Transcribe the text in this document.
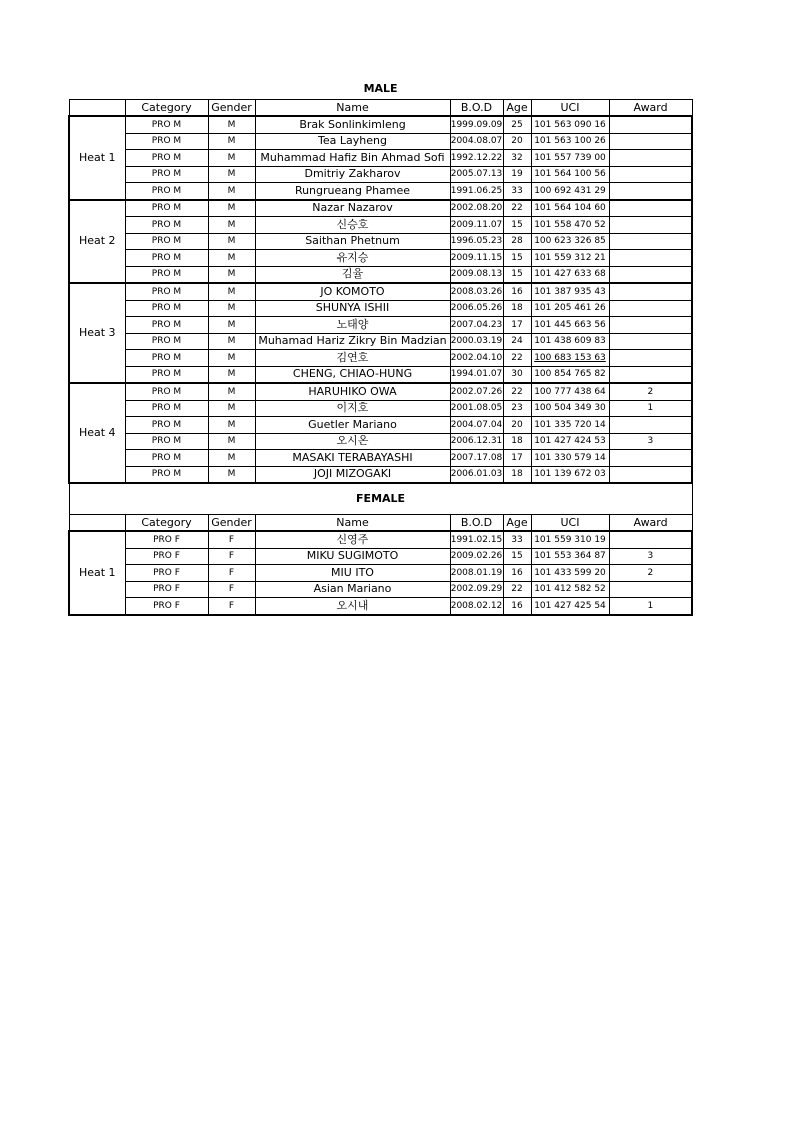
MALE							
	Category	Gender	Name	B.O.D	Age	UCI	Award
Heat 1	PRO M	M	Brak Sonlinkimleng	1999.09.09	25	101 563 090 16	
	PRO M	M	Tea Layheng	2004.08.07	20	101 563 100 26	
	PRO M	M	Muhammad Hafiz Bin Ahmad Sofi	1992.12.22	32	101 557 739 00	
	PRO M	M	Dmitriy Zakharov	2005.07.13	19	101 564 100 56	
	PRO M	M	Rungrueang Phamee	1991.06.25	33	100 692 431 29	
Heat 2	PRO M	M	Nazar Nazarov	2002.08.20	22	101 564 104 60	
	PRO M	M	신승호	2009.11.07	15	101 558 470 52	
	PRO M	M	Saithan Phetnum	1996.05.23	28	100 623 326 85	
	PRO M	M	유지승	2009.11.15	15	101 559 312 21	
	PRO M	M	김율	2009.08.13	15	101 427 633 68	
Heat 3	PRO M	M	JO KOMOTO	2008.03.26	16	101 387 935 43	
	PRO M	M	SHUNYA ISHII	2006.05.26	18	101 205 461 26	
	PRO M	M	노태양	2007.04.23	17	101 445 663 56	
	PRO M	M	Muhamad Hariz Zikry Bin Madzian	2000.03.19	24	101 438 609 83	
	PRO M	M	김연호	2002.04.10	22	100 683 153 63	
	PRO M	M	CHENG, CHIAO-HUNG	1994.01.07	30	100 854 765 82	
Heat 4	PRO M	M	HARUHIKO OWA	2002.07.26	22	100 777 438 64	2
	PRO M	M	이지호	2001.08.05	23	100 504 349 30	1
	PRO M	M	Guetler Mariano	2004.07.04	20	101 335 720 14	
	PRO M	M	오시온	2006.12.31	18	101 427 424 53	3
	PRO M	M	MASAKI TERABAYASHI	2007.17.08	17	101 330 579 14	
	PRO M	M	JOJI MIZOGAKI	2006.01.03	18	101 139 672 03	
FEMALE							
	Category	Gender	Name	B.O.D	Age	UCI	Award
Heat 1	PRO F	F	신영주	1991.02.15	33	101 559 310 19	
	PRO F	F	MIKU SUGIMOTO	2009.02.26	15	101 553 364 87	3
	PRO F	F	MIU ITO	2008.01.19	16	101 433 599 20	2
	PRO F	F	Asian Mariano	2002.09.29	22	101 412 582 52	
	PRO F	F	오시내	2008.02.12	16	101 427 425 54	1
